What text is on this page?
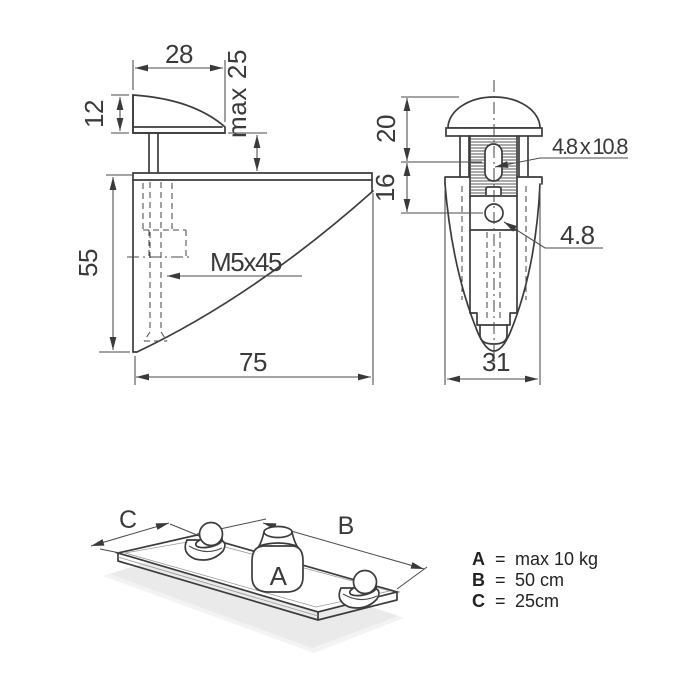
28
12	max 25
55
75
M5x45
20
16
31
4.8 x 10.8
4.8
A
C	B
A = max 10 kg
B = 50 cm
C = 25cm
